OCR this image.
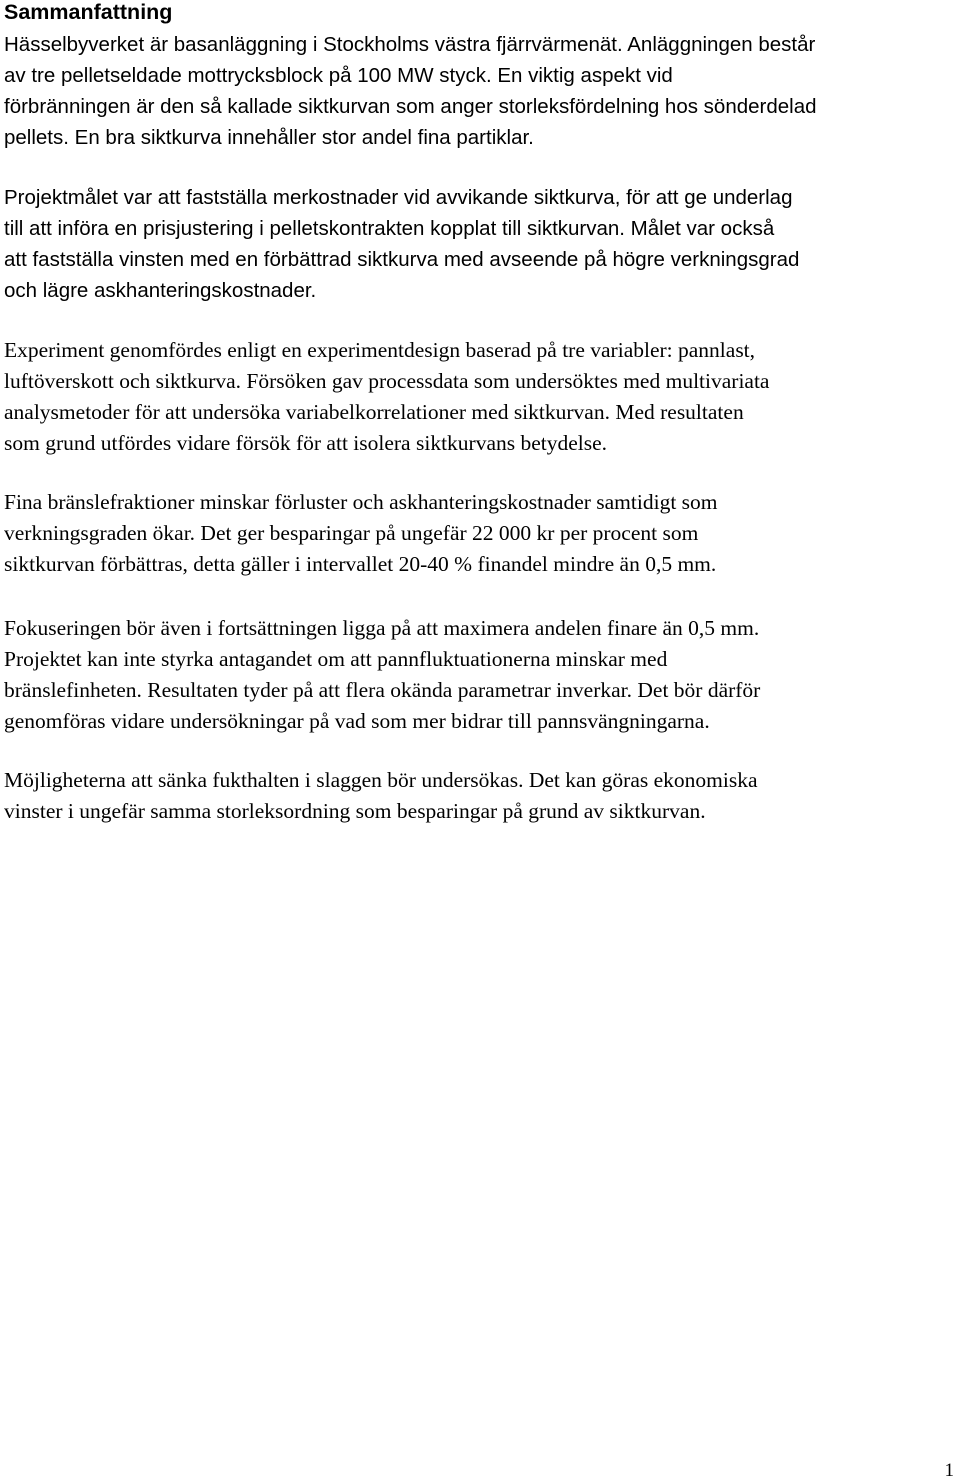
Sammanfattning

Hässelbyverket är basanläggning i Stockholms västra fjärrvärmenät. Anläggningen består
av tre pelletseldade mottrycksblock på 100 MW styck. En viktig aspekt vid
förbränningen är den så kallade siktkurvan som anger storleksfördelning hos sönderdelad
pellets. En bra siktkurva innehåller stor andel fina partiklar.

Projektmålet var att fastställa merkostnader vid avvikande siktkurva, för att ge underlag
till att införa en prisjustering i pelletskontrakten kopplat till siktkurvan. Målet var också
att fastställa vinsten med en förbättrad siktkurva med avseende på högre verkningsgrad
och lägre askhanteringskostnader.

Experiment genomfördes enligt en experimentdesign baserad på tre variabler: pannlast,
luftöverskott och siktkurva. Försöken gav processdata som undersöktes med multivariata
analysmetoder för att undersöka variabelkorrelationer med siktkurvan. Med resultaten
som grund utfördes vidare försök för att isolera siktkurvans betydelse.

Fina bränslefraktioner minskar förluster och askhanteringskostnader samtidigt som
verkningsgraden ökar. Det ger besparingar på ungefär 22 000 kr per procent som
siktkurvan förbättras, detta gäller i intervallet 20-40 % finandel mindre än 0,5 mm.

Fokuseringen bör även i fortsättningen ligga på att maximera andelen finare än 0,5 mm.
Projektet kan inte styrka antagandet om att pannfluktuationerna minskar med
bränslefinheten. Resultaten tyder på att flera okända parametrar inverkar. Det bör därför
genomföras vidare undersökningar på vad som mer bidrar till pannsvängningarna.

Möjligheterna att sänka fukthalten i slaggen bör undersökas. Det kan göras ekonomiska
vinster i ungefär samma storleksordning som besparingar på grund av siktkurvan.

1
